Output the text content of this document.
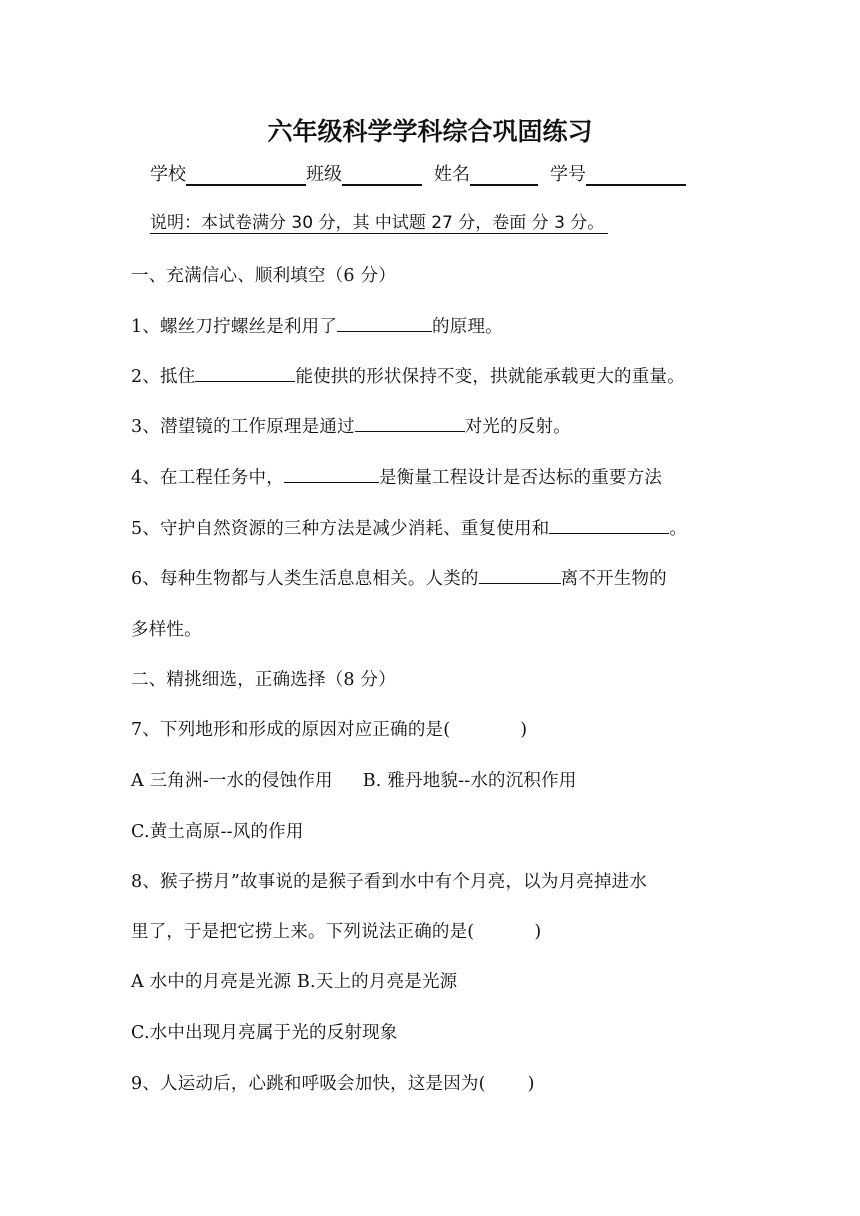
六年级科学学科综合巩固练习
学校	班级	姓名	学号
说明：本试卷满分 30 分，其 中试题 27 分，卷面 分 3 分。
一、充满信心、顺利填空（6 分）
1、螺丝刀拧螺丝是利用了	的原理。
2、抵住	能使拱的形状保持不变，拱就能承载更大的重量。
3、潜望镜的工作原理是通过	对光的反射。
4、在工程任务中，	是衡量工程设计是否达标的重要方法
5、守护自然资源的三种方法是减少消耗、重复使用和	。
6、每种生物都与人类生活息息相关。人类的	离不开生物的
多样性。
二、精挑细选，正确选择（8 分）
7、下列地形和形成的原因对应正确的是(	)
A 三角洲-一水的侵蚀作用 B. 雅丹地貌--水的沉积作用
C.黄土高原--风的作用
8、猴子捞月”故事说的是猴子看到水中有个月亮，以为月亮掉进水
里了，于是把它捞上来。下列说法正确的是(	)
A 水中的月亮是光源 B.天上的月亮是光源
C.水中出现月亮属于光的反射现象
9、人运动后，心跳和呼吸会加快，这是因为( )
